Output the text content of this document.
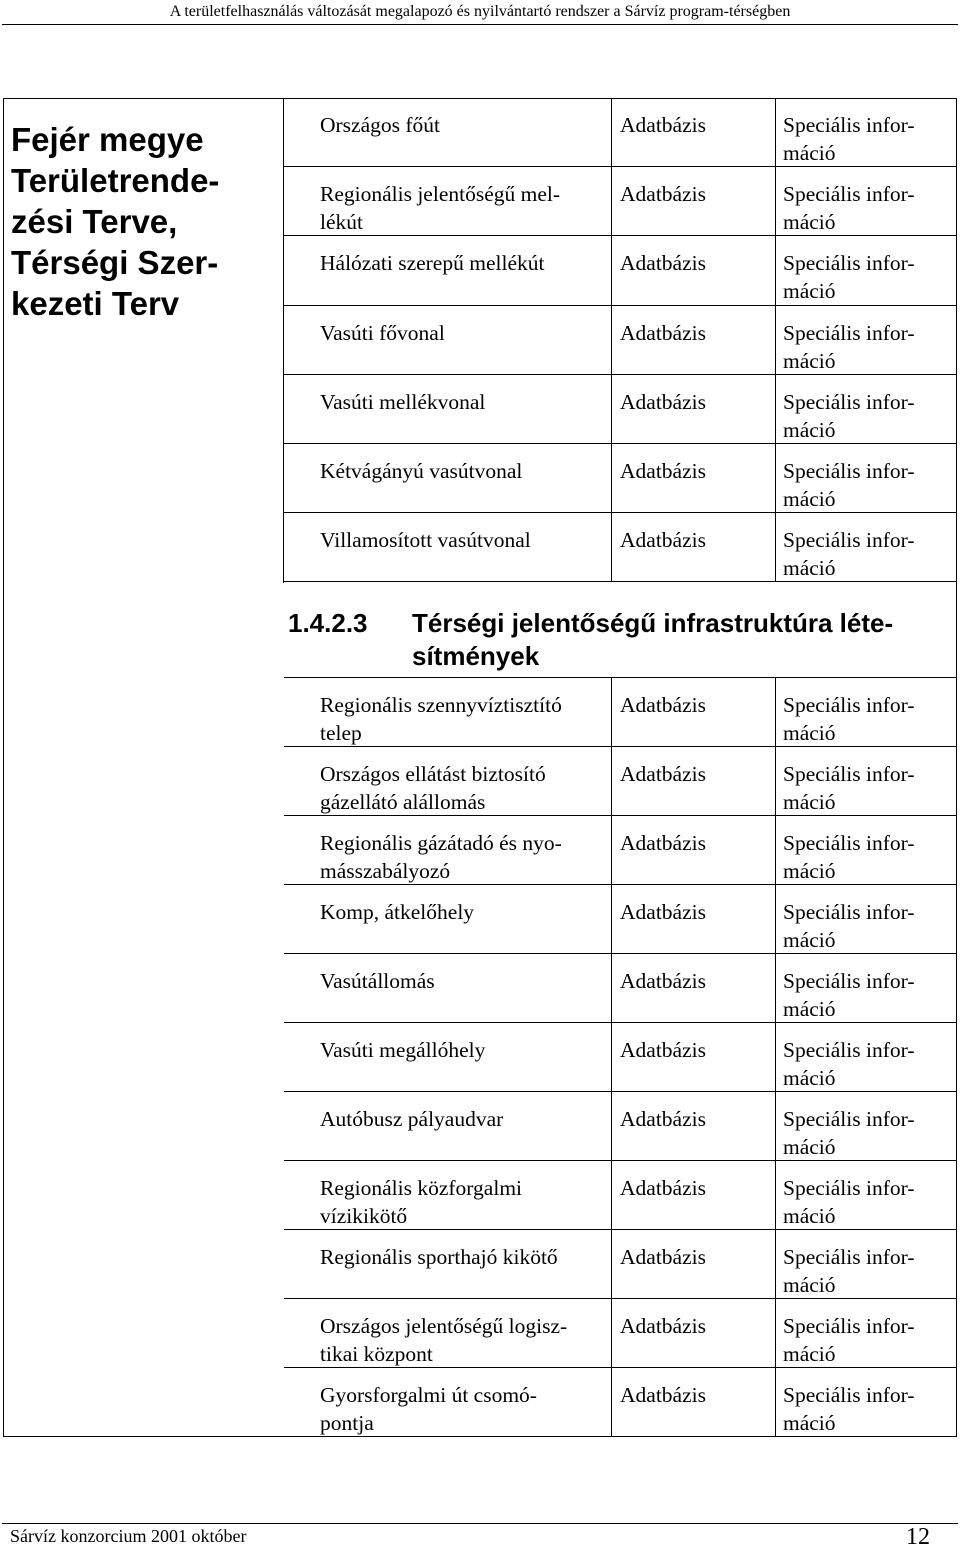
A területfelhasználás változását megalapozó és nyilvántartó rendszer a Sárvíz program-térségben
Fejér megye
Területrende-
zési Terve,
Térségi Szer-
kezeti Terv
Országos főút	Adatbázis	Speciális infor-
máció
Regionális jelentőségű mel-
lékút
Adatbázis	Speciális infor-
máció
Hálózati szerepű mellékút	Adatbázis	Speciális infor-
máció
Vasúti fővonal	Adatbázis	Speciális infor-
máció
Vasúti mellékvonal	Adatbázis	Speciális infor-
máció
Kétvágányú vasútvonal	Adatbázis	Speciális infor-
máció
Villamosított vasútvonal	Adatbázis	Speciális infor-
máció
1.4.2.3 Térségi jelentőségű infrastruktúra léte-
sítmények
Regionális szennyvíztisztító
telep
Adatbázis	Speciális infor-
máció
Országos ellátást biztosító
gázellátó alállomás
Adatbázis	Speciális infor-
máció
Regionális gázátadó és nyo-
másszabályozó
Adatbázis	Speciális infor-
máció
Komp, átkelőhely	Adatbázis	Speciális infor-
máció
Vasútállomás	Adatbázis	Speciális infor-
máció
Vasúti megállóhely	Adatbázis	Speciális infor-
máció
Autóbusz pályaudvar	Adatbázis	Speciális infor-
máció
Regionális közforgalmi
vízikikötő
Adatbázis	Speciális infor-
máció
Regionális sporthajó kikötő	Adatbázis	Speciális infor-
máció
Országos jelentőségű logisz-
tikai központ
Adatbázis	Speciális infor-
máció
Gyorsforgalmi út csomó-
pontja
Adatbázis	Speciális infor-
máció
Sárvíz konzorcium 2001 október	12
